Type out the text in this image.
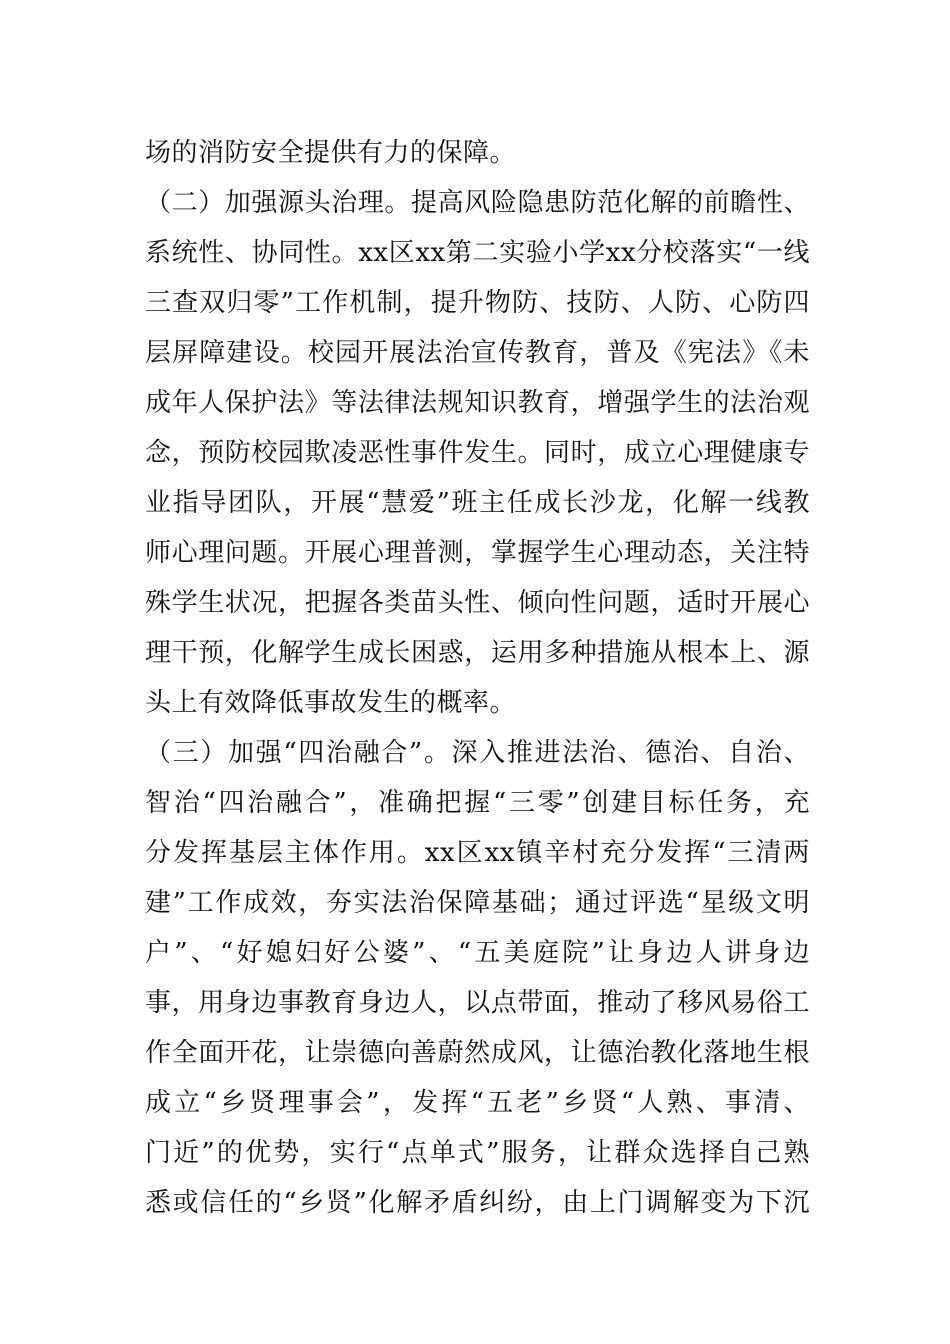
场的消防安全提供有力的保障。
（二）加强源头治理。提高风险隐患防范化解的前瞻性、
系统性、协同性。xx区xx第二实验小学xx分校落实“一线
三查双归零”工作机制，提升物防、技防、人防、心防四
层屏障建设。校园开展法治宣传教育，普及《宪法》《未
成年人保护法》等法律法规知识教育，增强学生的法治观
念，预防校园欺凌恶性事件发生。同时，成立心理健康专
业指导团队，开展“慧爱”班主任成长沙龙，化解一线教
师心理问题。开展心理普测，掌握学生心理动态，关注特
殊学生状况，把握各类苗头性、倾向性问题，适时开展心
理干预，化解学生成长困惑，运用多种措施从根本上、源
头上有效降低事故发生的概率。
（三）加强“四治融合”。深入推进法治、德治、自治、
智治“四治融合”，准确把握“三零”创建目标任务，充
分发挥基层主体作用。xx区xx镇辛村充分发挥“三清两
建”工作成效，夯实法治保障基础；通过评选“星级文明
户”、“好媳妇好公婆”、“五美庭院”让身边人讲身边
事，用身边事教育身边人，以点带面，推动了移风易俗工
作全面开花，让崇德向善蔚然成风，让德治教化落地生根
成立“乡贤理事会”，发挥“五老”乡贤“人熟、事清、
门近”的优势，实行“点单式”服务，让群众选择自己熟
悉或信任的“乡贤”化解矛盾纠纷，由上门调解变为下沉
